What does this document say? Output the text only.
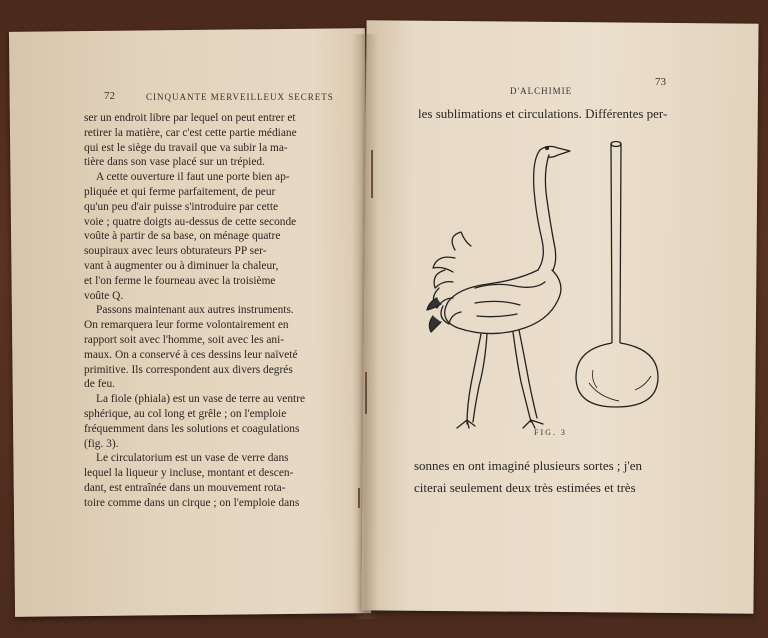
72	CINQUANTE MERVEILLEUX SECRETS
ser un endroit libre par lequel on peut entrer et
retirer la matière, car c'est cette partie médiane
qui est le siège du travail que va subir la ma-
tière dans son vase placé sur un trépied.
A cette ouverture il faut une porte bien ap-
pliquée et qui ferme parfaitement, de peur
qu'un peu d'air puisse s'introduire par cette
voie ; quatre doigts au-dessus de cette seconde
voûte à partir de sa base, on ménage quatre
soupiraux avec leurs obturateurs PP ser-
vant à augmenter ou à diminuer la chaleur,
et l'on ferme le fourneau avec la troisième
voûte Q.
Passons maintenant aux autres instruments.
On remarquera leur forme volontairement en
rapport soit avec l'homme, soit avec les ani-
maux. On a conservé à ces dessins leur naïveté
primitive. Ils correspondent aux divers degrés
de feu.
La fiole (phiala) est un vase de terre au ventre
sphérique, au col long et grêle ; on l'emploie
fréquemment dans les solutions et coagulations
(fig. 3).
Le circulatorium est un vase de verre dans
lequel la liqueur y incluse, montant et descen-
dant, est entraînée dans un mouvement rota-
toire comme dans un cirque ; on l'emploie dans
D'ALCHIMIE
73
les sublimations et circulations. Différentes per-
FIG. 3
sonnes en ont imaginé plusieurs sortes ; j'en
citerai seulement deux très estimées et très
